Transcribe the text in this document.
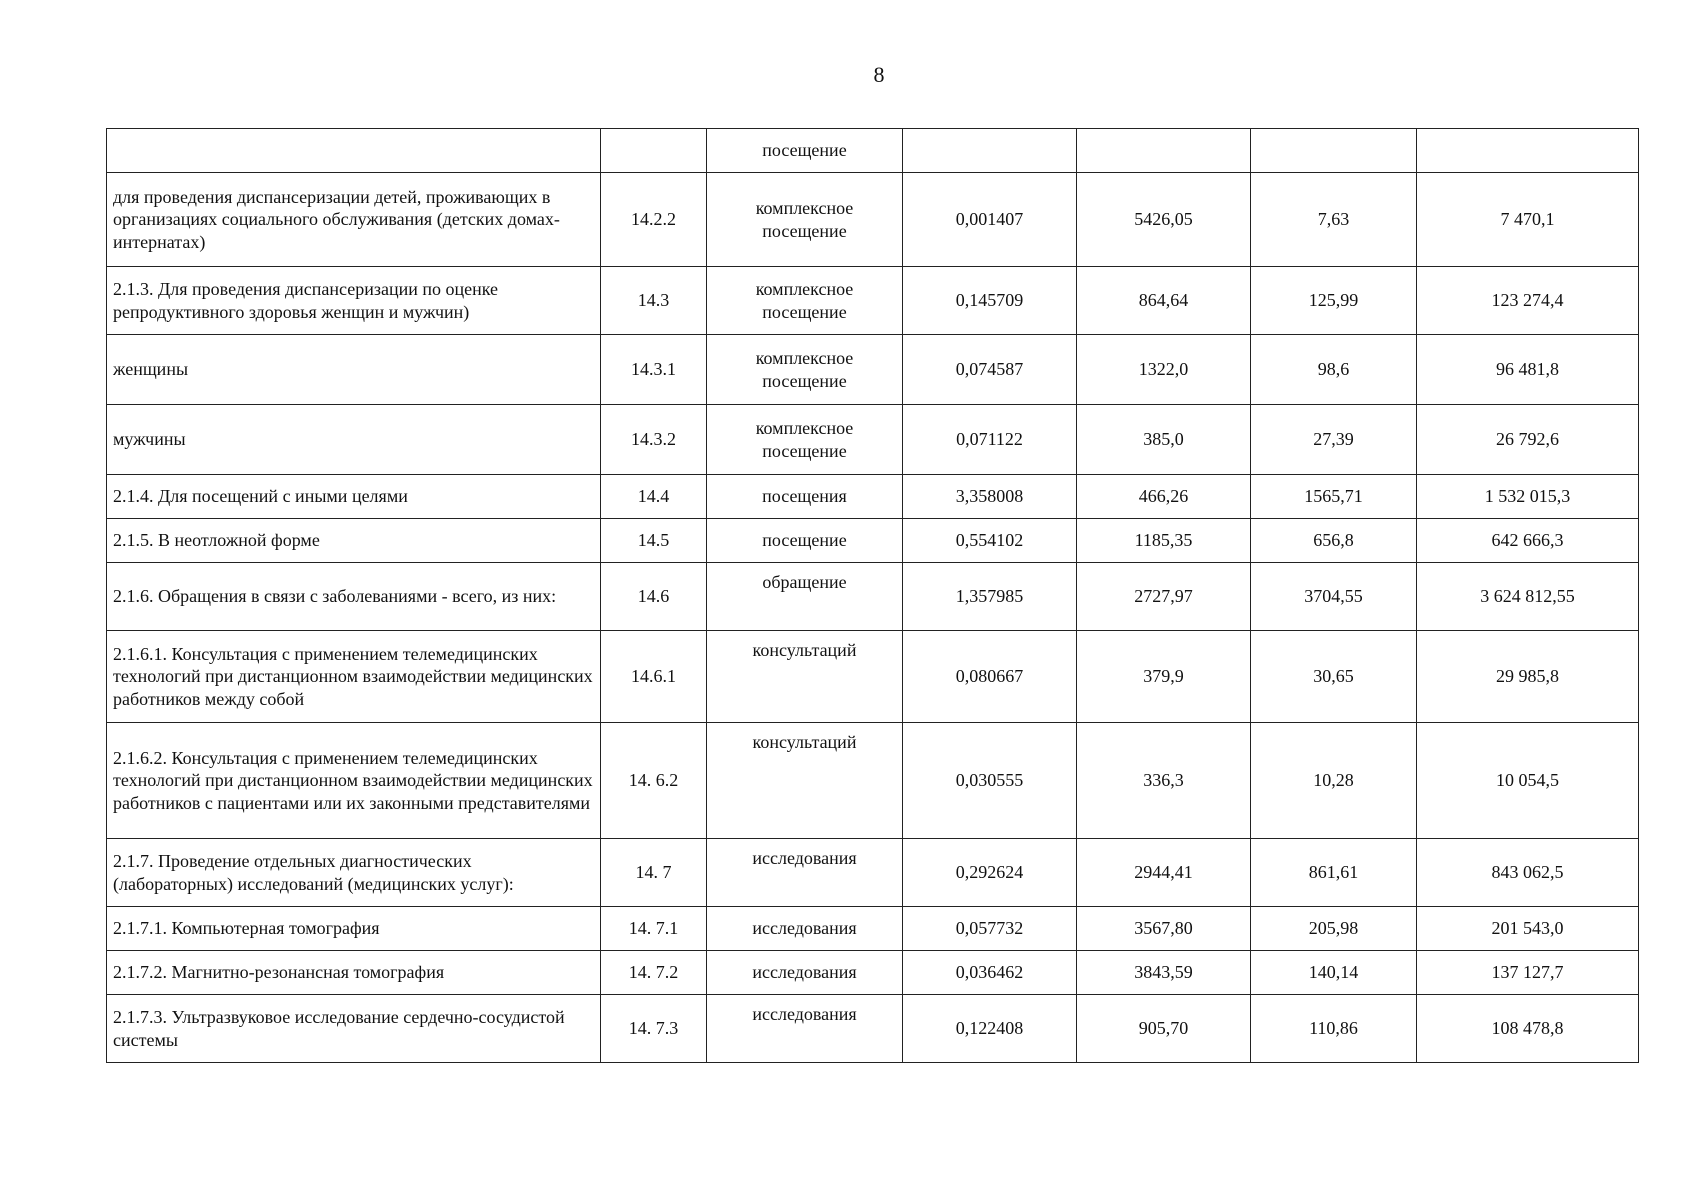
8
		посещение				
для проведения диспансеризации детей, проживающих в организациях социального обслуживания (детских домах-интернатах)	14.2.2	комплексное посещение	0,001407	5426,05	7,63	7 470,1
2.1.3. Для проведения диспансеризации по оценке репродуктивного здоровья женщин и мужчин)	14.3	комплексное посещение	0,145709	864,64	125,99	123 274,4
женщины	14.3.1	комплексное посещение	0,074587	1322,0	98,6	96 481,8
мужчины	14.3.2	комплексное посещение	0,071122	385,0	27,39	26 792,6
2.1.4. Для посещений с иными целями	14.4	посещения	3,358008	466,26	1565,71	1 532 015,3
2.1.5. В неотложной форме	14.5	посещение	0,554102	1185,35	656,8	642 666,3
2.1.6. Обращения в связи с заболеваниями - всего, из них:	14.6	обращение	1,357985	2727,97	3704,55	3 624 812,55
2.1.6.1. Консультация с применением телемедицинских технологий при дистанционном взаимодействии медицинских работников между собой	14.6.1	консультаций	0,080667	379,9	30,65	29 985,8
2.1.6.2. Консультация с применением телемедицинских технологий при дистанционном взаимодействии медицинских работников с пациентами или их законными представителями	14. 6.2	консультаций	0,030555	336,3	10,28	10 054,5
2.1.7. Проведение отдельных диагностических (лабораторных) исследований (медицинских услуг):	14. 7	исследования	0,292624	2944,41	861,61	843 062,5
2.1.7.1. Компьютерная томография	14. 7.1	исследования	0,057732	3567,80	205,98	201 543,0
2.1.7.2. Магнитно-резонансная томография	14. 7.2	исследования	0,036462	3843,59	140,14	137 127,7
2.1.7.3. Ультразвуковое исследование сердечно-сосудистой системы	14. 7.3	исследования	0,122408	905,70	110,86	108 478,8
